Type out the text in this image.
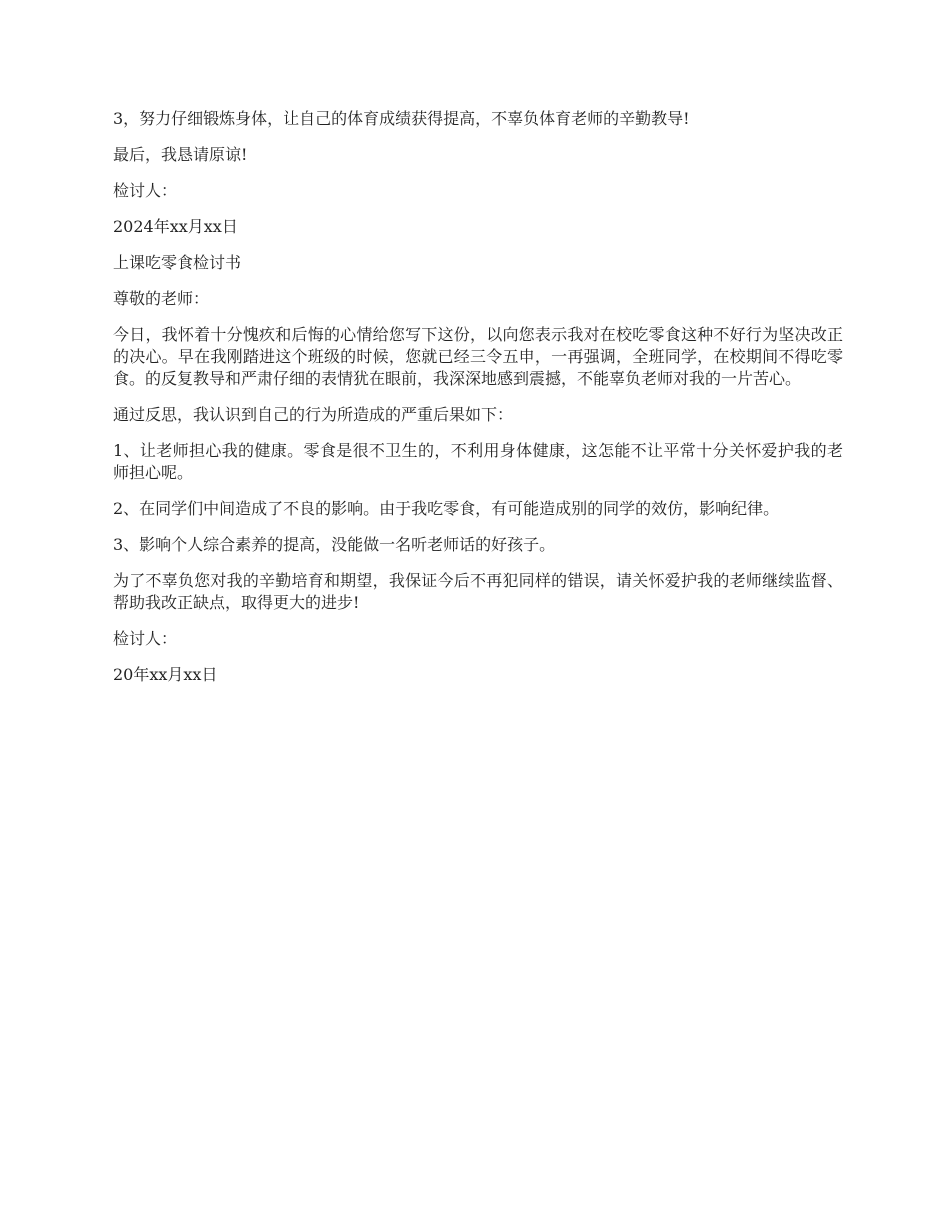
3，努力仔细锻炼身体，让自己的体育成绩获得提高，不辜负体育老师的辛勤教导!

最后，我恳请原谅!

检讨人：

2024年xx月xx日

上课吃零食检讨书

尊敬的老师：

今日，我怀着十分愧疚和后悔的心情给您写下这份，以向您表示我对在校吃零食这种不好行为坚决改正的决心。早在我刚踏进这个班级的时候，您就已经三令五申，一再强调，全班同学，在校期间不得吃零食。的反复教导和严肃仔细的表情犹在眼前，我深深地感到震撼，不能辜负老师对我的一片苦心。

通过反思，我认识到自己的行为所造成的严重后果如下：

1、让老师担心我的健康。零食是很不卫生的，不利用身体健康，这怎能不让平常十分关怀爱护我的老师担心呢。

2、在同学们中间造成了不良的影响。由于我吃零食，有可能造成别的同学的效仿，影响纪律。

3、影响个人综合素养的提高，没能做一名听老师话的好孩子。

为了不辜负您对我的辛勤培育和期望，我保证今后不再犯同样的错误，请关怀爱护我的老师继续监督、帮助我改正缺点，取得更大的进步!

检讨人：

20年xx月xx日
